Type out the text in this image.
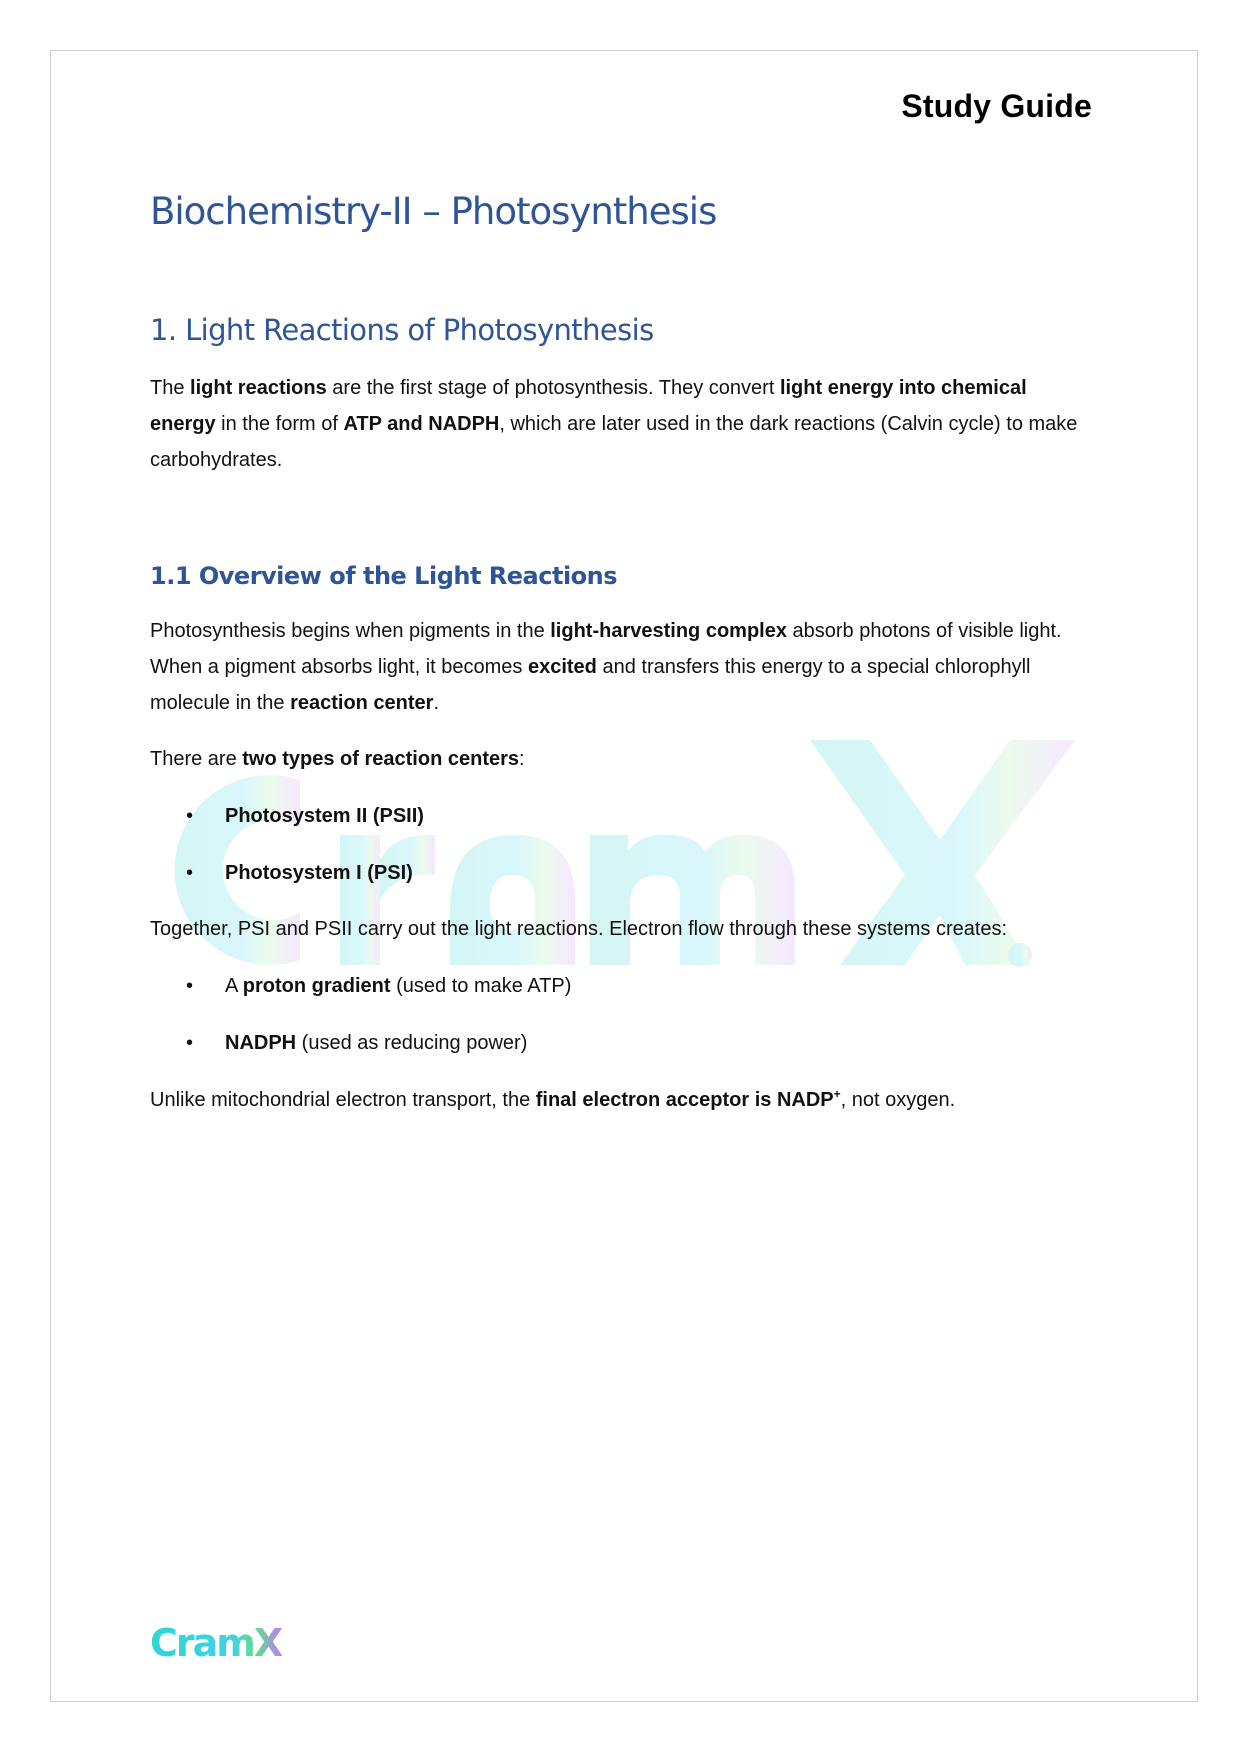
Study Guide
Biochemistry-II – Photosynthesis
1. Light Reactions of Photosynthesis

The light reactions are the first stage of photosynthesis. They convert light energy into chemical energy in the form of ATP and NADPH, which are later used in the dark reactions (Calvin cycle) to make carbohydrates.

1.1 Overview of the Light Reactions

Photosynthesis begins when pigments in the light-harvesting complex absorb photons of visible light. When a pigment absorbs light, it becomes excited and transfers this energy to a special chlorophyll molecule in the reaction center.

There are two types of reaction centers:

• Photosystem II (PSII)
• Photosystem I (PSI)

Together, PSI and PSII carry out the light reactions. Electron flow through these systems creates:

• A proton gradient (used to make ATP)
• NADPH (used as reducing power)

Unlike mitochondrial electron transport, the final electron acceptor is NADP+, not oxygen.

CramX
